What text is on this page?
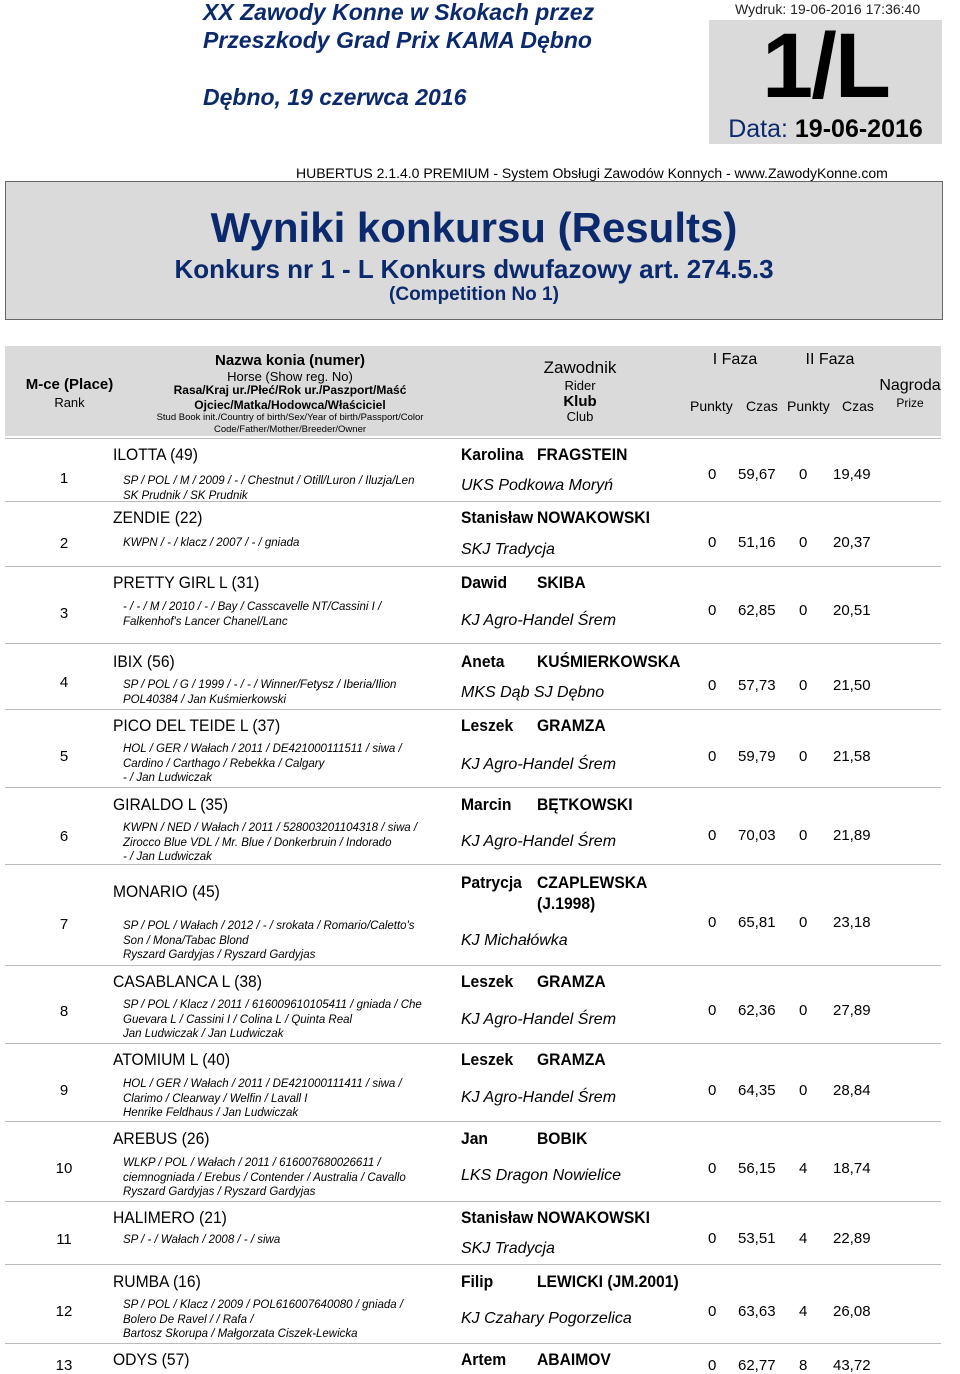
XX Zawody Konne w Skokach przez Przeszkody Grad Prix KAMA Dębno
Dębno, 19 czerwca 2016
Wydruk: 19-06-2016 17:36:40
1/L
Data: 19-06-2016
HUBERTUS 2.1.4.0 PREMIUM - System Obsługi Zawodów Konnych - www.ZawodyKonne.com
Wyniki konkursu (Results)
Konkurs nr 1 - L Konkurs dwufazowy art. 274.5.3
(Competition No 1)
M-ce (Place)
Rank
Nazwa konia (numer)
Horse (Show reg. No)
Rasa/Kraj ur./Płeć/Rok ur./Paszport/Maść
Ojciec/Matka/Hodowca/Właściciel
Stud Book init./Country of birth/Sex/Year of birth/Passport/Color
Code/Father/Mother/Breeder/Owner
Zawodnik
Rider
Klub
Club
I Faza	II Faza
Punkty Czas Punkty Czas
Nagroda
Prize
1
ILOTTA (49)
SP / POL / M / 2009 / - / Chestnut / Otill/Luron / Iluzja/Len
SK Prudnik / SK Prudnik
Karolina FRAGSTEIN
UKS Podkowa Moryń
0 59,67 0 19,49
2
ZENDIE (22)
KWPN / - / klacz / 2007 / - / gniada
Stanisław NOWAKOWSKI
SKJ Tradycja	0 51,16 0 20,37
3
PRETTY GIRL L (31)
- / - / M / 2010 / - / Bay / Casscavelle NT/Cassini I /
Falkenhof's Lancer Chanel/Lanc
Dawid SKIBA
KJ Agro-Handel Śrem
0 62,85 0 20,51
4
IBIX (56)
SP / POL / G / 1999 / - / - / Winner/Fetysz / Iberia/Ilion
POL40384 / Jan Kuśmierkowski
Aneta KUŚMIERKOWSKA
MKS Dąb SJ Dębno	0 57,73 0 21,50
5
PICO DEL TEIDE L (37)
HOL / GER / Wałach / 2011 / DE421000111511 / siwa /
Cardino / Carthago / Rebekka / Calgary
- / Jan Ludwiczak
Leszek GRAMZA
KJ Agro-Handel Śrem	0 59,79 0 21,58
6
GIRALDO L (35)
KWPN / NED / Wałach / 2011 / 528003201104318 / siwa /
Zirocco Blue VDL / Mr. Blue / Donkerbruin / Indorado
- / Jan Ludwiczak
Marcin BĘTKOWSKI
KJ Agro-Handel Śrem	0 70,03 0 21,89
7
MONARIO (45)
SP / POL / Wałach / 2012 / - / srokata / Romario/Caletto's
Son / Mona/Tabac Blond
Ryszard Gardyjas / Ryszard Gardyjas
Patrycja CZAPLEWSKA
(J.1998)
KJ Michałówka
0 65,81 0 23,18
8
CASABLANCA L (38)
SP / POL / Klacz / 2011 / 616009610105411 / gniada / Che
Guevara L / Cassini I / Colina L / Quinta Real
Jan Ludwiczak / Jan Ludwiczak
Leszek GRAMZA
KJ Agro-Handel Śrem
0 62,36 0 27,89
9
ATOMIUM L (40)
HOL / GER / Wałach / 2011 / DE421000111411 / siwa /
Clarimo / Clearway / Welfin / Lavall I
Henrike Feldhaus / Jan Ludwiczak
Leszek GRAMZA
KJ Agro-Handel Śrem	0 64,35 0 28,84
10
AREBUS (26)
WLKP / POL / Wałach / 2011 / 616007680026611 /
ciemnogniada / Erebus / Contender / Australia / Cavallo
Ryszard Gardyjas / Ryszard Gardyjas
Jan	BOBIK
LKS Dragon Nowielice	0 56,15 4 18,74
11
HALIMERO (21)
SP / - / Wałach / 2008 / - / siwa
Stanisław NOWAKOWSKI
SKJ Tradycja
0 53,51 4 22,89
12
RUMBA (16)
SP / POL / Klacz / 2009 / POL616007640080 / gniada /
Bolero De Ravel / / Rafa /
Bartosz Skorupa / Małgorzata Ciszek-Lewicka
Filip	LEWICKI (JM.2001)
KJ Czahary Pogorzelica	0 63,63 4 26,08
13	ODYS (57)	Artem ABAIMOV	0 62,77 8 43,72
